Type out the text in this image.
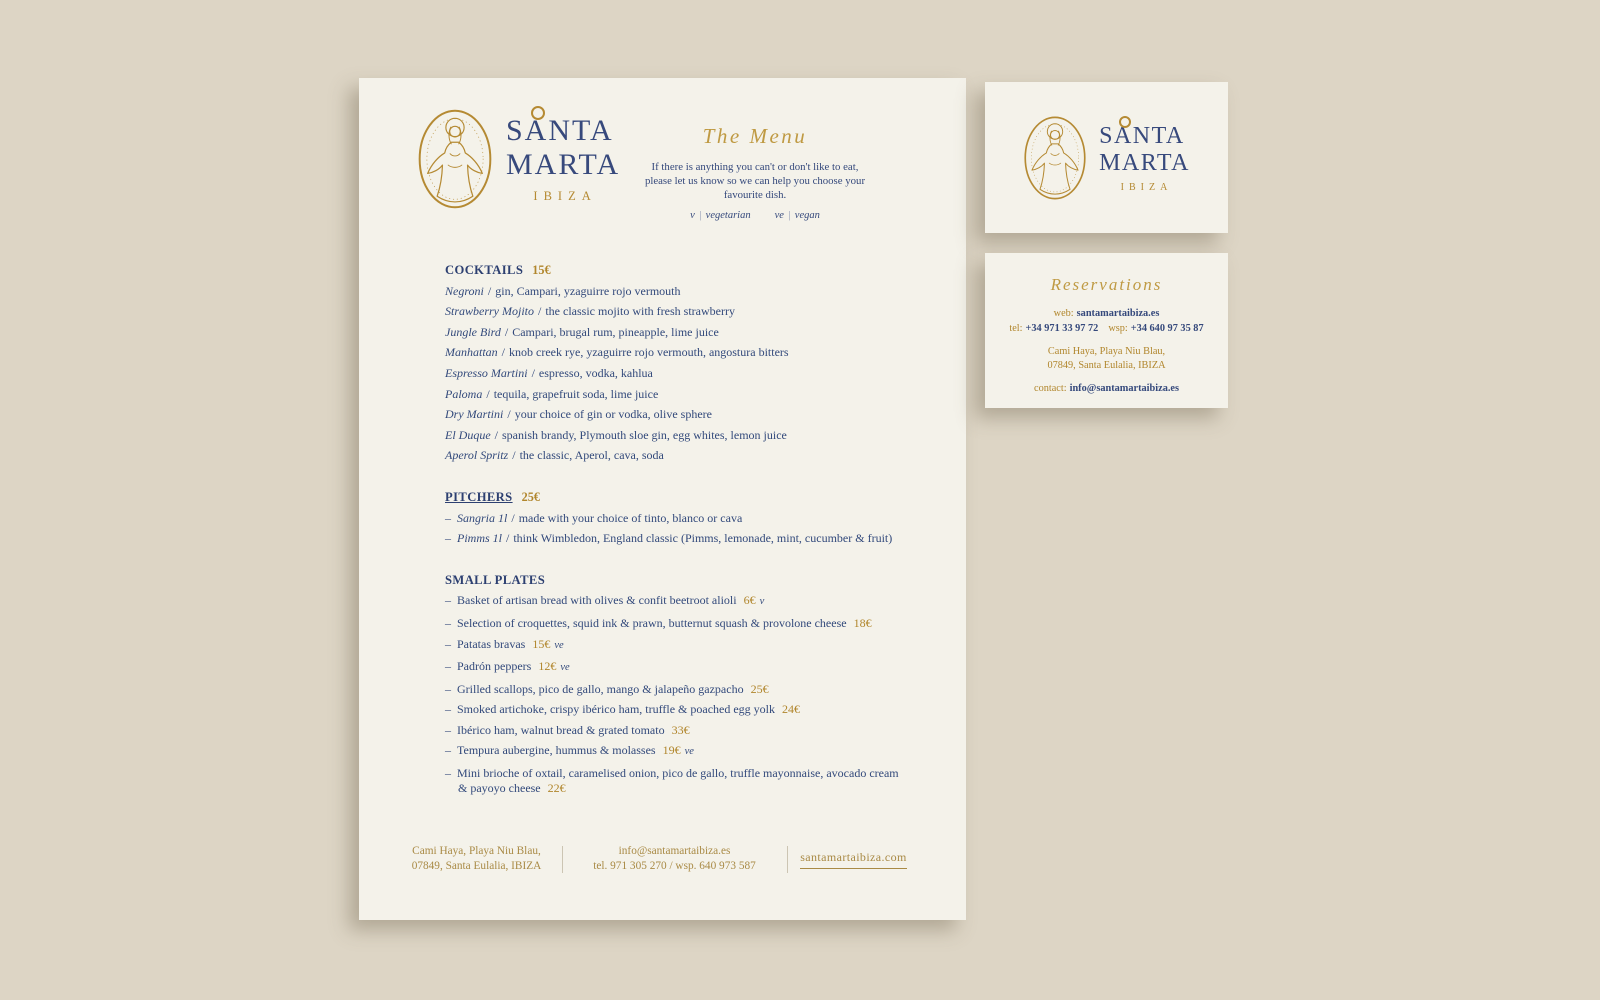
SANTA
MARTA
IBIZA
The Menu
If there is anything you can't or don't like to eat,
please let us know so we can help you choose your favourite dish.
v | vegetarian ve | vegan
COCKTAILS 15€
Negroni / gin, Campari, yzaguirre rojo vermouth
Strawberry Mojito / the classic mojito with fresh strawberry
Jungle Bird / Campari, brugal rum, pineapple, lime juice
Manhattan / knob creek rye, yzaguirre rojo vermouth, angostura bitters
Espresso Martini / espresso, vodka, kahlua
Paloma / tequila, grapefruit soda, lime juice
Dry Martini / your choice of gin or vodka, olive sphere
El Duque / spanish brandy, Plymouth sloe gin, egg whites, lemon juice
Aperol Spritz / the classic, Aperol, cava, soda
PITCHERS 25€
– Sangria 1l / made with your choice of tinto, blanco or cava
– Pimms 1l / think Wimbledon, England classic (Pimms, lemonade, mint, cucumber & fruit)
SMALL PLATES
– Basket of artisan bread with olives & confit beetroot alioli 6€ v
– Selection of croquettes, squid ink & prawn, butternut squash & provolone cheese 18€
– Patatas bravas 15€ ve
– Padrón peppers 12€ ve
– Grilled scallops, pico de gallo, mango & jalapeño gazpacho 25€
– Smoked artichoke, crispy ibérico ham, truffle & poached egg yolk 24€
– Ibérico ham, walnut bread & grated tomato 33€
– Tempura aubergine, hummus & molasses 19€ ve
– Mini brioche of oxtail, caramelised onion, pico de gallo, truffle mayonnaise, avocado cream & payoyo cheese 22€
Cami Haya, Playa Niu Blau,
07849, Santa Eulalia, IBIZA
info@santamartaibiza.es
tel. 971 305 270 / wsp. 640 973 587
santamartaibiza.com
SANTA
MARTA
IBIZA
Reservations
web: santamartaibiza.es
tel: +34 971 33 97 72 wsp: +34 640 97 35 87
Cami Haya, Playa Niu Blau,
07849, Santa Eulalia, IBIZA
contact: info@santamartaibiza.es
